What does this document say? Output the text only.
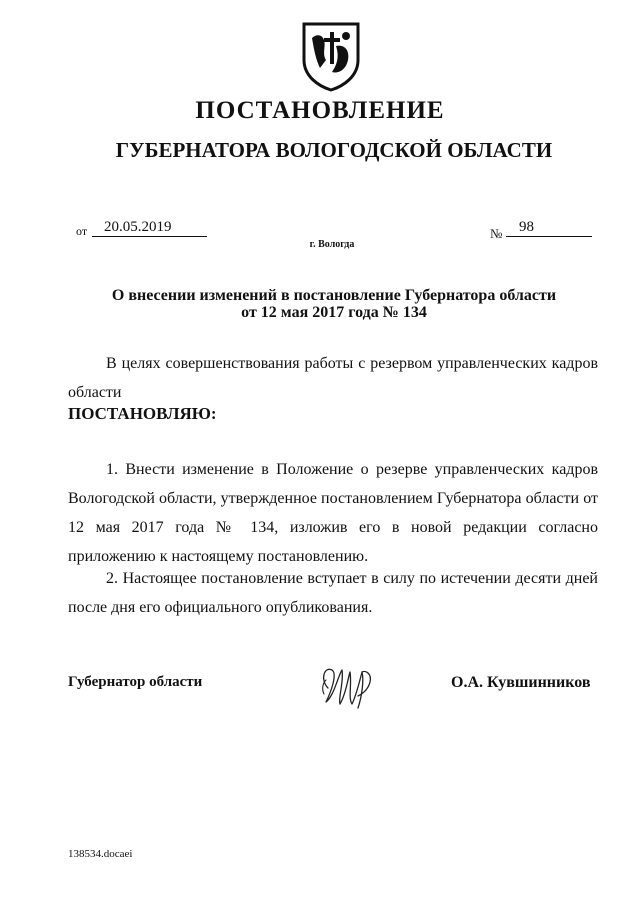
ПОСТАНОВЛЕНИЕ
ГУБЕРНАТОРА ВОЛОГОДСКОЙ ОБЛАСТИ
от 20.05.2019	№ 98
г. Вологда
О внесении изменений в постановление Губернатора области
от 12 мая 2017 года № 134
В целях совершенствования работы с резервом управленческих кадров области
ПОСТАНОВЛЯЮ:
1. Внести изменение в Положение о резерве управленческих кадров Вологодской области, утвержденное постановлением Губернатора области от 12 мая 2017 года № 134, изложив его в новой редакции согласно приложению к настоящему постановлению.
2. Настоящее постановление вступает в силу по истечении десяти дней после дня его официального опубликования.
Губернатор области	О.А. Кувшинников
138534.docaei
